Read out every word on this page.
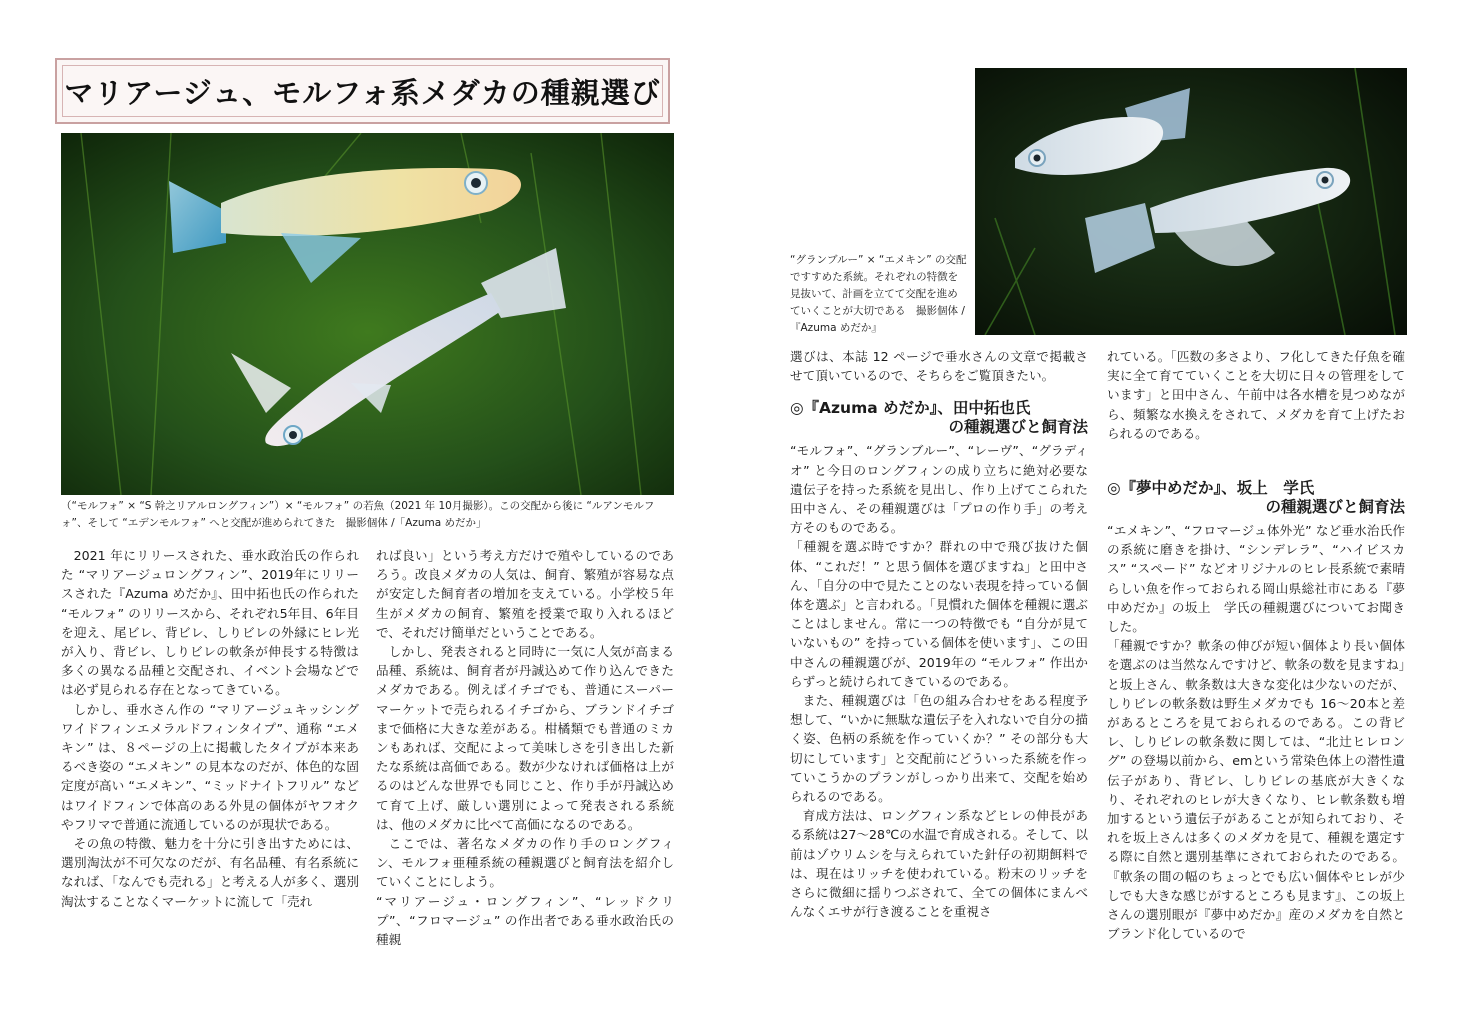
マリアージュ、モルフォ系メダカの種親選び
（“モルフォ” × “S 幹之リアルロングフィン”）× “モルフォ” の若魚（2021 年 10月撮影）。この交配から後に “ルアンモルフォ”、そして “エデンモルフォ” へと交配が進められてきた　撮影個体 /「Azuma めだか」

2021 年にリリースされた、垂水政治氏の作られた “マリアージュロングフィン”、2019年にリリースされた『Azuma めだか』、田中拓也氏の作られた “モルフォ” のリリースから、それぞれ5年目、6年目を迎え、尾ビレ、背ビレ、しりビレの外縁にヒレ光が入り、背ビレ、しりビレの軟条が伸長する特徴は多くの異なる品種と交配され、イベント会場などでは必ず見られる存在となってきている。

しかし、垂水さん作の “マリアージュキッシングワイドフィンエメラルドフィンタイプ”、通称 “エメキン” は、８ページの上に掲載したタイプが本来あるべき姿の “エメキン” の見本なのだが、体色的な固定度が高い “エメキン”、“ミッドナイトフリル” などはワイドフィンで体高のある外見の個体がヤフオクやフリマで普通に流通しているのが現状である。

その魚の特徴、魅力を十分に引き出すためには、選別淘汰が不可欠なのだが、有名品種、有名系統になれば、「なんでも売れる」と考える人が多く、選別淘汰することなくマーケットに流して「売れ

れば良い」という考え方だけで殖やしているのであろう。改良メダカの人気は、飼育、繁殖が容易な点が安定した飼育者の増加を支えている。小学校５年生がメダカの飼育、繁殖を授業で取り入れるほどで、それだけ簡単だということである。

しかし、発表されると同時に一気に人気が高まる品種、系統は、飼育者が丹誠込めて作り込んできたメダカである。例えばイチゴでも、普通にスーパーマーケットで売られるイチゴから、ブランドイチゴまで価格に大きな差がある。柑橘類でも普通のミカンもあれば、交配によって美味しさを引き出した新たな系統は高価である。数が少なければ価格は上がるのはどんな世界でも同じこと、作り手が丹誠込めて育て上げ、厳しい選別によって発表される系統は、他のメダカに比べて高価になるのである。

ここでは、著名なメダカの作り手のロングフィン、モルフォ亜種系統の種親選びと飼育法を紹介していくことにしよう。

“マリアージュ・ロングフィン”、“レッドクリプ”、“フロマージュ” の作出者である垂水政治氏の種親

“グランブルー” × “エメキン” の交配ですすめた系統。それぞれの特徴を見抜いて、計画を立てて交配を進めていくことが大切である　撮影個体 /『Azuma めだか』

選びは、本誌 12 ページで垂水さんの文章で掲載させて頂いているので、そちらをご覧頂きたい。

◎『Azuma めだか』、田中拓也氏
の種親選びと飼育法

“モルフォ”、“グランブルー”、“レーヴ”、“グラディオ” と今日のロングフィンの成り立ちに絶対必要な遺伝子を持った系統を見出し、作り上げてこられた田中さん、その種親選びは「プロの作り手」の考え方そのものである。

「種親を選ぶ時ですか？群れの中で飛び抜けた個体、“これだ！” と思う個体を選びますね」と田中さん、「自分の中で見たことのない表現を持っている個体を選ぶ」と言われる。「見慣れた個体を種親に選ぶことはしません。常に一つの特徴でも “自分が見ていないもの” を持っている個体を使います」、この田中さんの種親選びが、2019年の “モルフォ” 作出からずっと続けられてきているのである。

また、種親選びは「色の組み合わせをある程度予想して、“いかに無駄な遺伝子を入れないで自分の描く姿、色柄の系統を作っていくか？” その部分も大切にしています」と交配前にどういった系統を作っていこうかのプランがしっかり出来て、交配を始められるのである。

育成方法は、ロングフィン系などヒレの伸長がある系統は27～28℃の水温で育成される。そして、以前はゾウリムシを与えられていた針仔の初期餌料では、現在はリッチを使われている。粉末のリッチをさらに微細に揺りつぶされて、全ての個体にまんべんなくエサが行き渡ることを重視さ

れている。「匹数の多さより、フ化してきた仔魚を確実に全て育てていくことを大切に日々の管理をしています」と田中さん、午前中は各水槽を見つめながら、頻繁な水換えをされて、メダカを育て上げたおられるのである。

◎『夢中めだか』、坂上　学氏
の種親選びと飼育法

“エメキン”、“フロマージュ体外光” など垂水治氏作の系統に磨きを掛け、“シンデレラ”、“ハイビスカス” “スペード” などオリジナルのヒレ長系統で素晴らしい魚を作っておられる岡山県総社市にある『夢中めだか』の坂上　学氏の種親選びについてお聞きした。

「種親ですか？軟条の伸びが短い個体より長い個体を選ぶのは当然なんですけど、軟条の数を見ますね」と坂上さん、軟条数は大きな変化は少ないのだが、しりビレの軟条数は野生メダカでも 16～20本と差があるところを見ておられるのである。この背ビレ、しりビレの軟条数に関しては、“北辻ヒレロング” の登場以前から、emという常染色体上の潜性遺伝子があり、背ビレ、しりビレの基底が大きくなり、それぞれのヒレが大きくなり、ヒレ軟条数も増加するという遺伝子があることが知られており、それを坂上さんは多くのメダカを見て、種親を選定する際に自然と選別基準にされておられたのである。『軟条の間の幅のちょっとでも広い個体やヒレが少しでも大きな感じがするところも見ます』、この坂上さんの選別眼が『夢中めだか』産のメダカを自然とブランド化しているので
